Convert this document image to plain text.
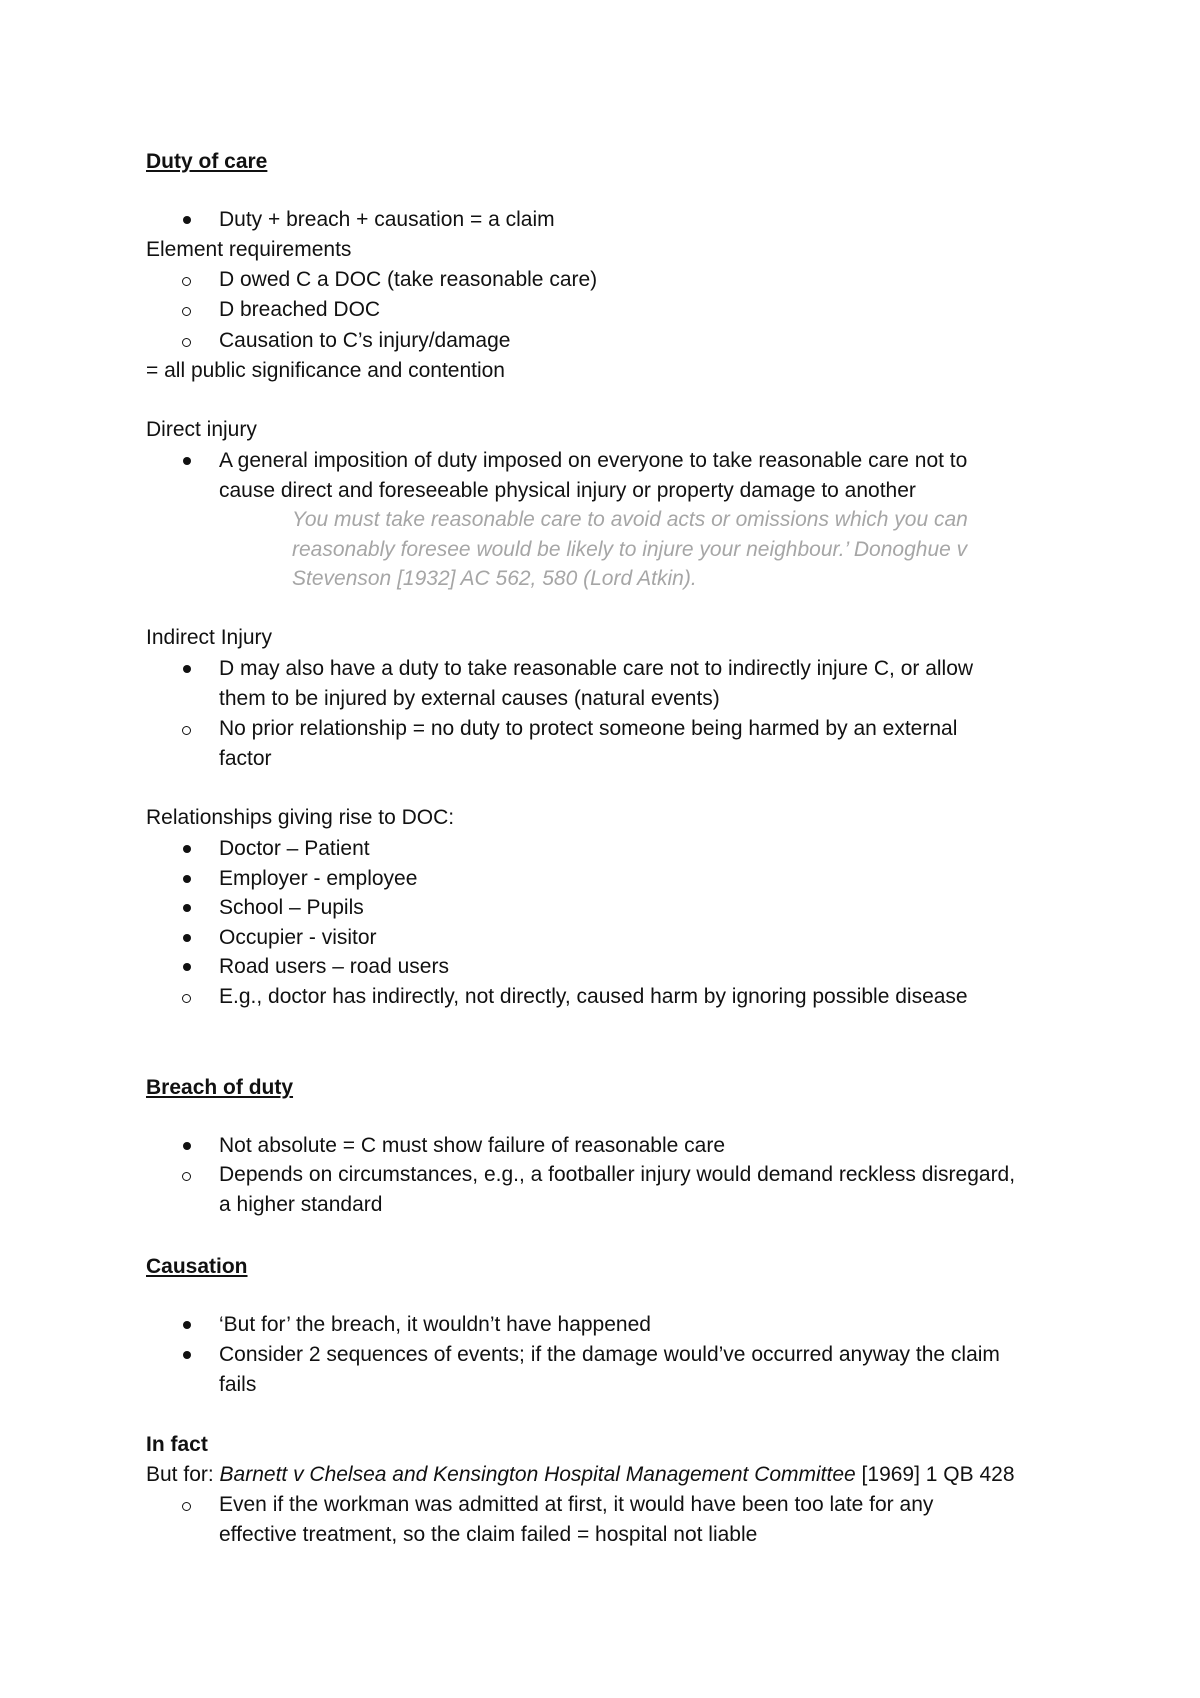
Duty of care
Duty + breach + causation = a claim
Element requirements
D owed C a DOC (take reasonable care)
D breached DOC
Causation to C’s injury/damage
= all public significance and contention
Direct injury
A general imposition of duty imposed on everyone to take reasonable care not to
cause direct and foreseeable physical injury or property damage to another
You must take reasonable care to avoid acts or omissions which you can
reasonably foresee would be likely to injure your neighbour.’ Donoghue v
Stevenson [1932] AC 562, 580 (Lord Atkin).
Indirect Injury
D may also have a duty to take reasonable care not to indirectly injure C, or allow
them to be injured by external causes (natural events)
No prior relationship = no duty to protect someone being harmed by an external
factor
Relationships giving rise to DOC:
Doctor – Patient
Employer - employee
School – Pupils
Occupier - visitor
Road users – road users
E.g., doctor has indirectly, not directly, caused harm by ignoring possible disease
Breach of duty
Not absolute = C must show failure of reasonable care
Depends on circumstances, e.g., a footballer injury would demand reckless disregard,
a higher standard
Causation
‘But for’ the breach, it wouldn’t have happened
Consider 2 sequences of events; if the damage would’ve occurred anyway the claim
fails
In fact
But for: Barnett v Chelsea and Kensington Hospital Management Committee [1969] 1 QB 428
Even if the workman was admitted at first, it would have been too late for any
effective treatment, so the claim failed = hospital not liable
